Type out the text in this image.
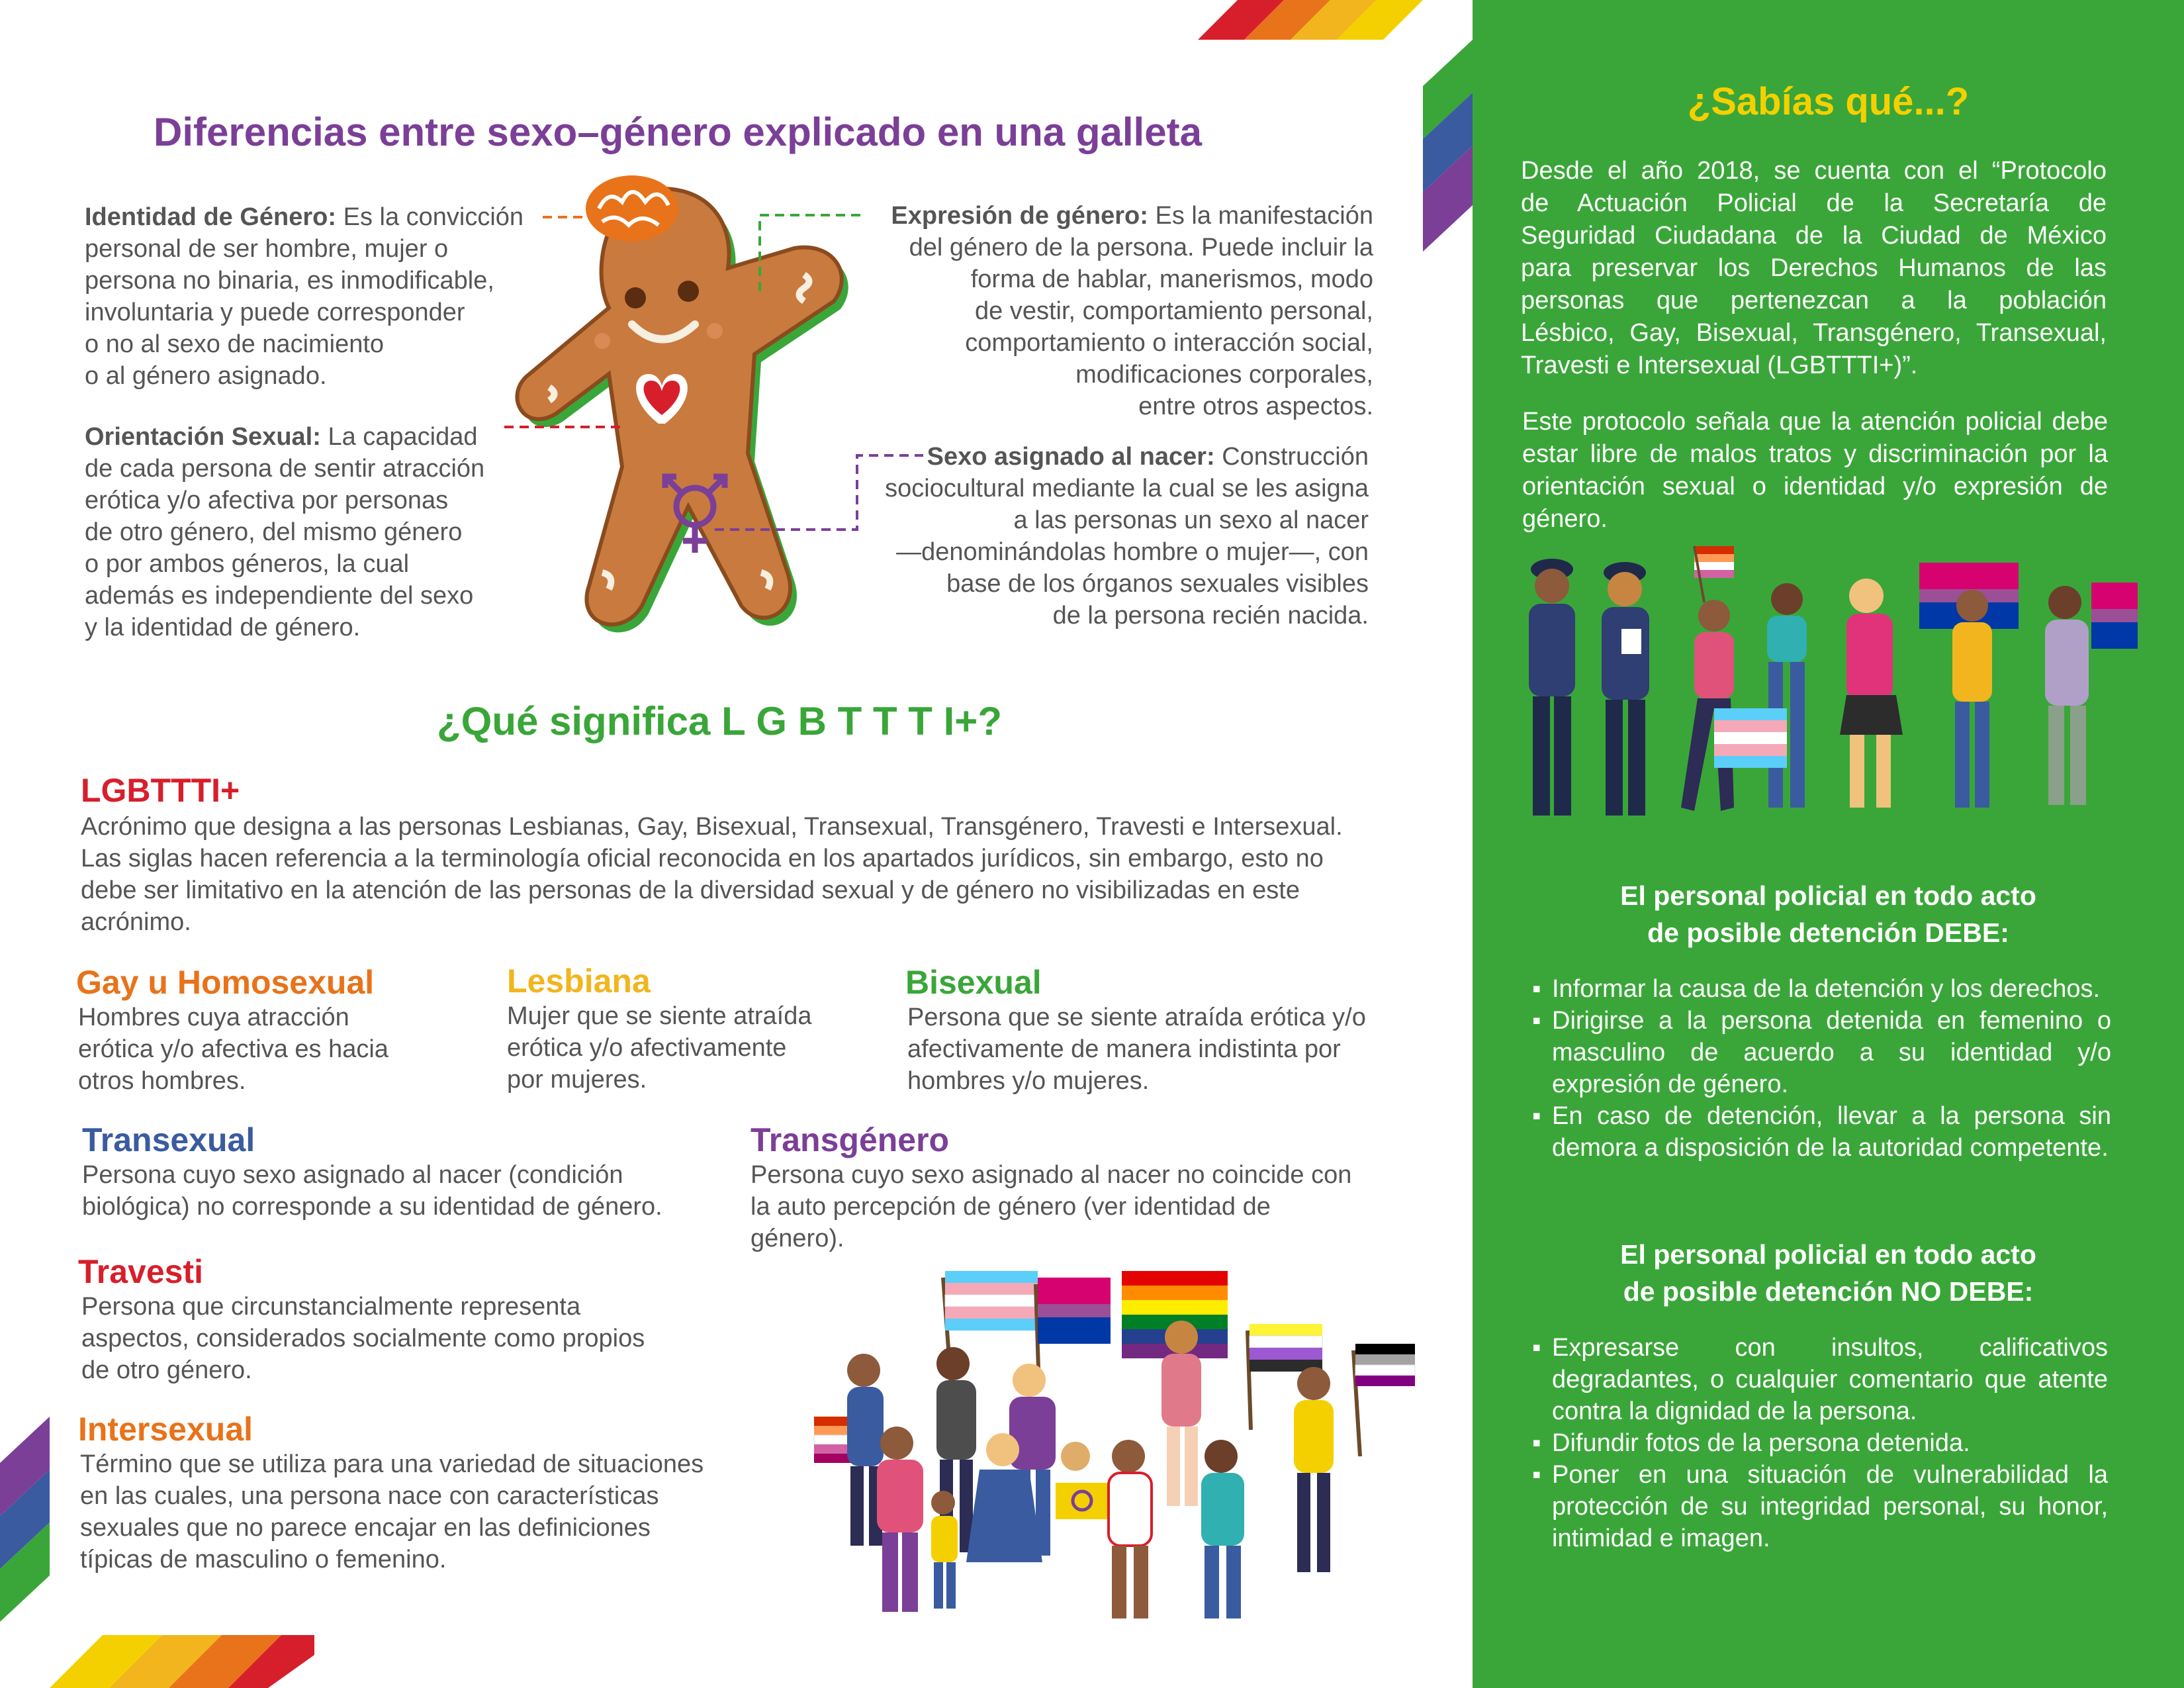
Diferencias entre sexo–género explicado en una galleta
Identidad de Género: Es la convicción
personal de ser hombre, mujer o
persona no binaria, es inmodificable,
involuntaria y puede corresponder
o no al sexo de nacimiento
o al género asignado.
Orientación Sexual: La capacidad
de cada persona de sentir atracción
erótica y/o afectiva por personas
de otro género, del mismo género
o por ambos géneros, la cual
además es independiente del sexo
y la identidad de género.
Expresión de género: Es la manifestación
del género de la persona. Puede incluir la
forma de hablar, manerismos, modo
de vestir, comportamiento personal,
comportamiento o interacción social,
modificaciones corporales,
entre otros aspectos.
Sexo asignado al nacer: Construcción
sociocultural mediante la cual se les asigna
a las personas un sexo al nacer
—denominándolas hombre o mujer—, con
base de los órganos sexuales visibles
de la persona recién nacida.
¿Qué significa L G B T T T I+?
LGBTTTI+
Acrónimo que designa a las personas Lesbianas, Gay, Bisexual, Transexual, Transgénero, Travesti e Intersexual.
Las siglas hacen referencia a la terminología oficial reconocida en los apartados jurídicos, sin embargo, esto no
debe ser limitativo en la atención de las personas de la diversidad sexual y de género no visibilizadas en este
acrónimo.
Gay u Homosexual
Hombres cuya atracción
erótica y/o afectiva es hacia
otros hombres.
Lesbiana
Mujer que se siente atraída
erótica y/o afectivamente
por mujeres.
Bisexual
Persona que se siente atraída erótica y/o
afectivamente de manera indistinta por
hombres y/o mujeres.
Transexual
Persona cuyo sexo asignado al nacer (condición
biológica) no corresponde a su identidad de género.
Transgénero
Persona cuyo sexo asignado al nacer no coincide con
la auto percepción de género (ver identidad de
género).
Travesti
Persona que circunstancialmente representa
aspectos, considerados socialmente como propios
de otro género.
Intersexual
Término que se utiliza para una variedad de situaciones
en las cuales, una persona nace con características
sexuales que no parece encajar en las definiciones
típicas de masculino o femenino.
¿Sabías qué...?
Desde el año 2018, se cuenta con el “Protocolo
de Actuación Policial de la Secretaría de
Seguridad Ciudadana de la Ciudad de México
para preservar los Derechos Humanos de las
personas que pertenezcan a la población
Lésbico, Gay, Bisexual, Transgénero, Transexual,
Travesti e Intersexual (LGBTTTI+)”.
Este protocolo señala que la atención policial debe
estar libre de malos tratos y discriminación por la
orientación sexual o identidad y/o expresión de
género.
El personal policial en todo acto
de posible detención DEBE:
▪ Informar la causa de la detención y los derechos.
▪ Dirigirse a la persona detenida en femenino o masculino de acuerdo a su identidad y/o expresión de género.
▪ En caso de detención, llevar a la persona sin demora a disposición de la autoridad competente.
El personal policial en todo acto
de posible detención NO DEBE:
▪ Expresarse con insultos, calificativos degradantes, o cualquier comentario que atente contra la dignidad de la persona.
▪ Difundir fotos de la persona detenida.
▪ Poner en una situación de vulnerabilidad la protección de su integridad personal, su honor, intimidad e imagen.
